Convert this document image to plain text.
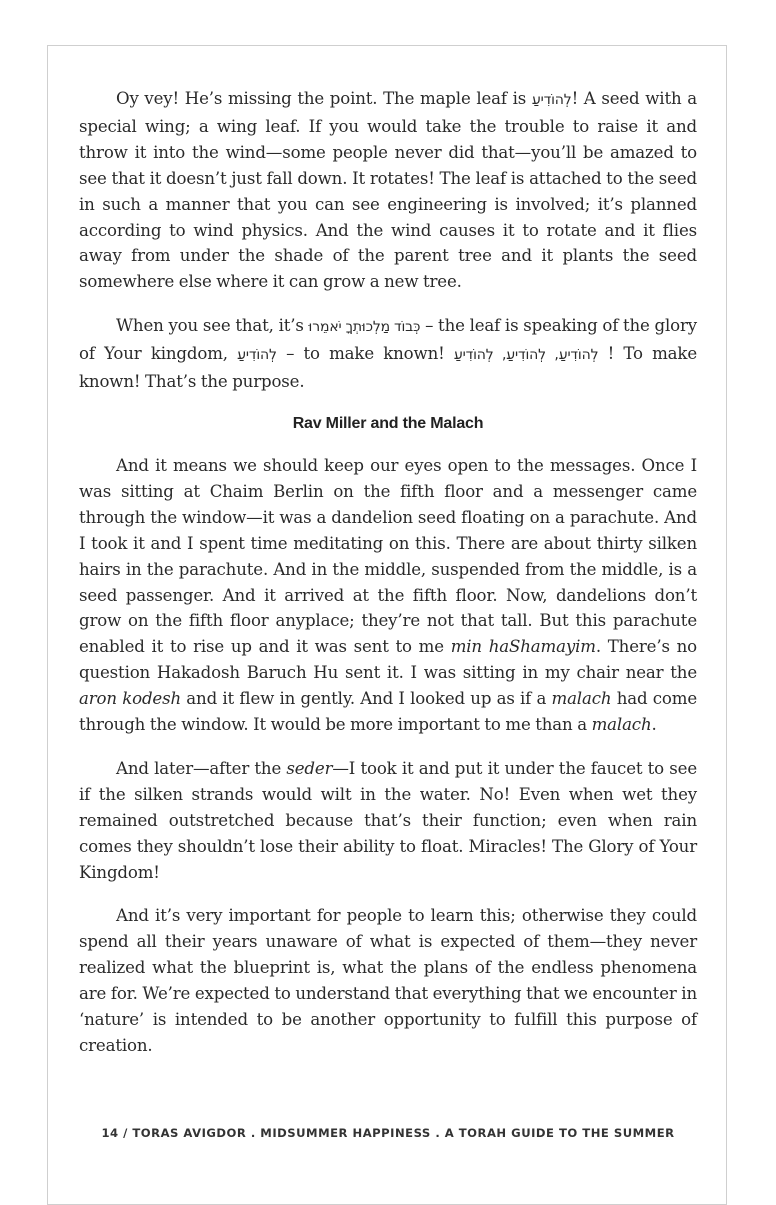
Oy vey! He’s missing the point. The maple leaf is לְהוֹדִיעַ! A seed with a special wing; a wing leaf. If you would take the trouble to raise it and throw it into the wind—some people never did that—you’ll be amazed to see that it doesn’t just fall down. It rotates! The leaf is attached to the seed in such a manner that you can see engineering is involved; it’s planned according to wind physics. And the wind causes it to rotate and it flies away from under the shade of the parent tree and it plants the seed somewhere else where it can grow a new tree.

When you see that, it’s כְּבוֹד מַלְכוּתְךָ יֹאמֵרוּ – the leaf is speaking of the glory of Your kingdom, לְהוֹדִיעַ – to make known! לְהוֹדִיעַ, לְהוֹדִיעַ, לְהוֹדִיעַ ! To make known! That’s the purpose.

Rav Miller and the Malach

And it means we should keep our eyes open to the messages. Once I was sitting at Chaim Berlin on the fifth floor and a messenger came through the window—it was a dandelion seed floating on a parachute. And I took it and I spent time meditating on this. There are about thirty silken hairs in the parachute. And in the middle, suspended from the middle, is a seed passenger. And it arrived at the fifth floor. Now, dandelions don’t grow on the fifth floor anyplace; they’re not that tall. But this parachute enabled it to rise up and it was sent to me min haShamayim. There’s no question Hakadosh Baruch Hu sent it. I was sitting in my chair near the aron kodesh and it flew in gently. And I looked up as if a malach had come through the window. It would be more important to me than a malach.

And later—after the seder—I took it and put it under the faucet to see if the silken strands would wilt in the water. No! Even when wet they remained outstretched because that’s their function; even when rain comes they shouldn’t lose their ability to float. Miracles! The Glory of Your Kingdom!

And it’s very important for people to learn this; otherwise they could spend all their years unaware of what is expected of them—they never realized what the blueprint is, what the plans of the endless phenomena are for. We’re expected to understand that everything that we encounter in ‘nature’ is intended to be another opportunity to fulfill this purpose of creation.

14 / TORAS AVIGDOR . MIDSUMMER HAPPINESS . A TORAH GUIDE TO THE SUMMER
